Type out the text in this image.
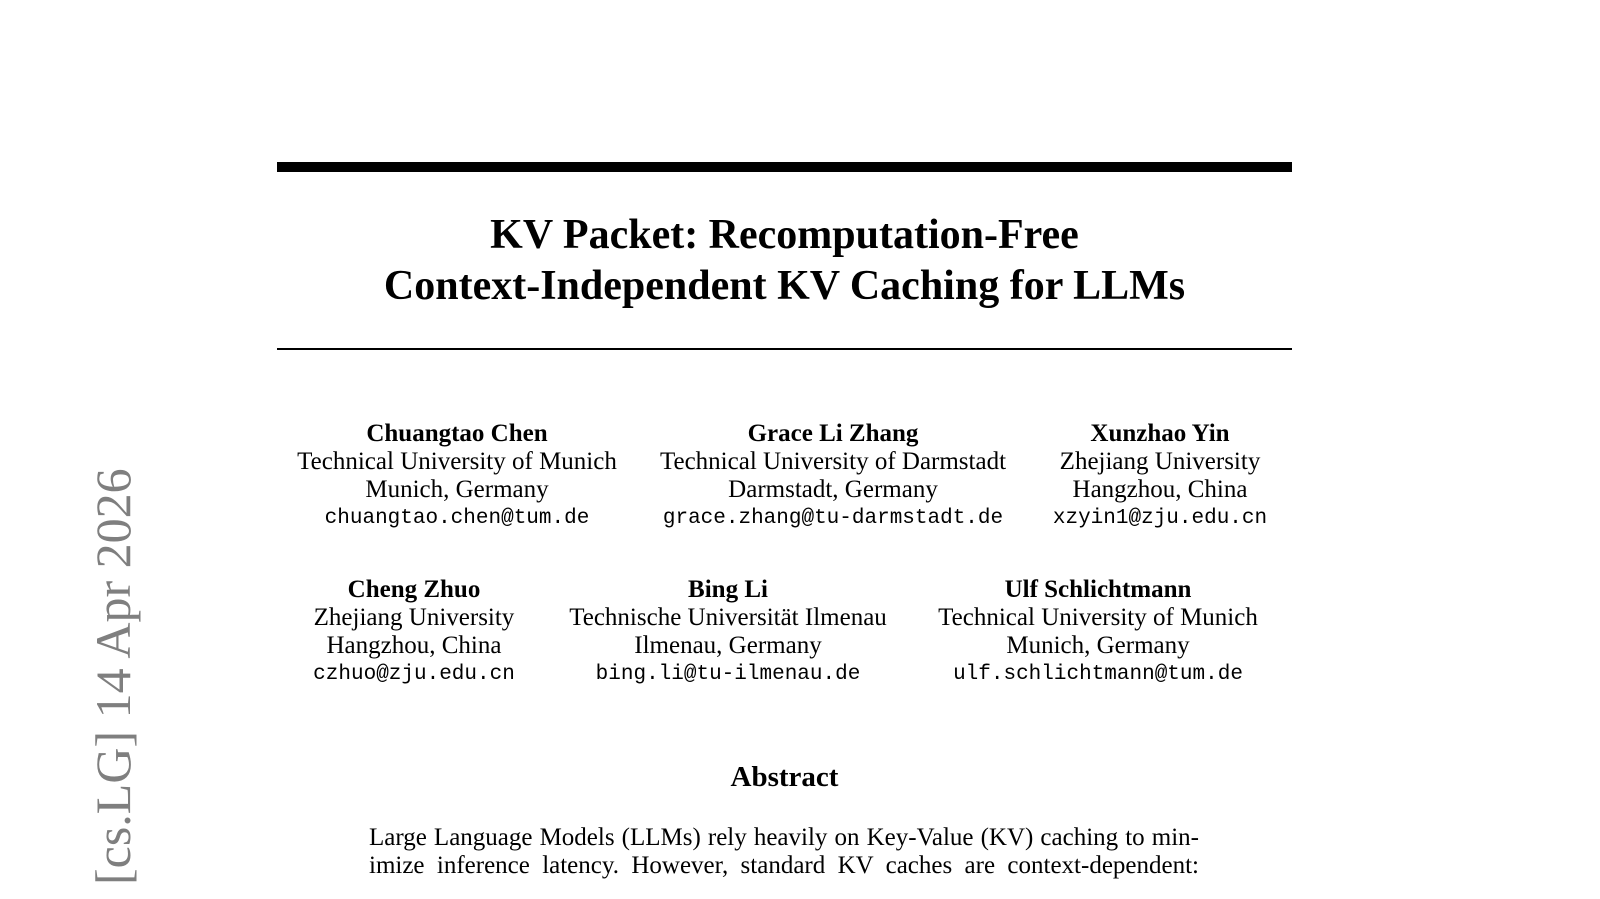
KV Packet: Recomputation-Free
Context-Independent KV Caching for LLMs
Chuangtao Chen
Technical University of Munich
Munich, Germany
chuangtao.chen@tum.de
Grace Li Zhang
Technical University of Darmstadt
Darmstadt, Germany
grace.zhang@tu-darmstadt.de
Xunzhao Yin
Zhejiang University
Hangzhou, China
xzyin1@zju.edu.cn
Cheng Zhuo
Zhejiang University
Hangzhou, China
czhuo@zju.edu.cn
Bing Li
Technische Universität Ilmenau
Ilmenau, Germany
bing.li@tu-ilmenau.de
Ulf Schlichtmann
Technical University of Munich
Munich, Germany
ulf.schlichtmann@tum.de
Abstract
Large Language Models (LLMs) rely heavily on Key-Value (KV) caching to min-
imize inference latency. However, standard KV caches are context-dependent:
[cs.LG] 14 Apr 2026
